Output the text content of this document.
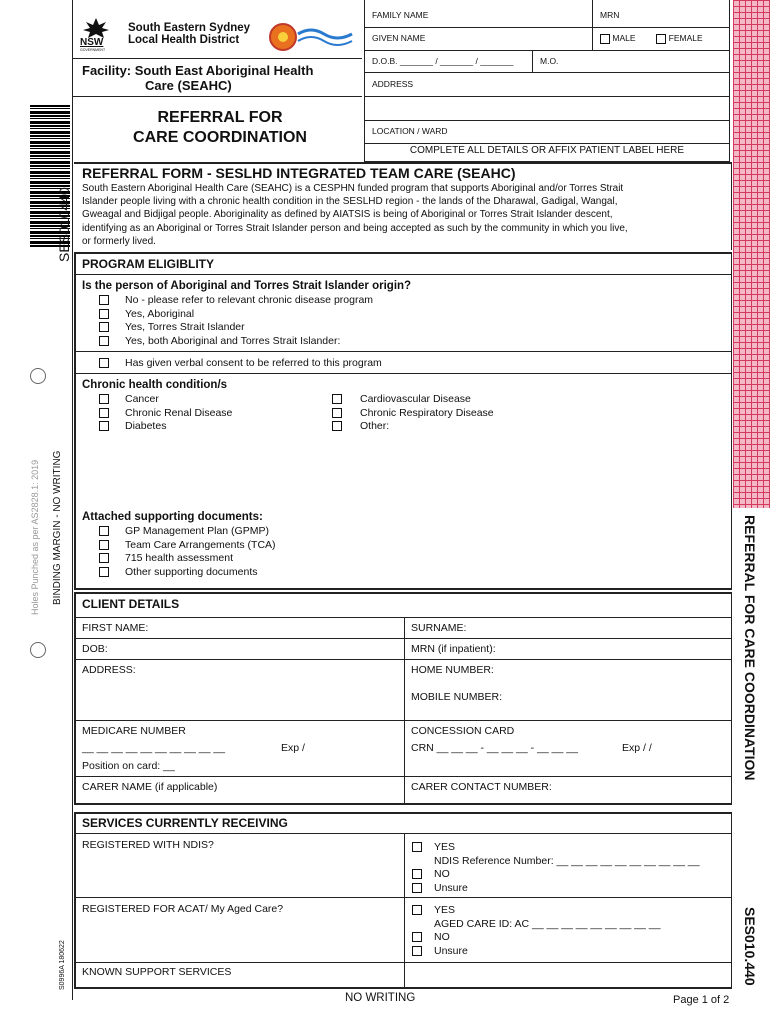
SES010440
Holes Punched as per AS2828.1: 2019 BINDING MARGIN - NO WRITING
S0996A 180622
REFERRAL FOR CARE COORDINATION
SES010.440
NSW
GOVERNMENT
South Eastern Sydney
Local Health District
Facility: South East Aboriginal Health
Care (SEAHC)
REFERRAL FOR
CARE COORDINATION
FAMILY NAME	MRN
GIVEN NAME	MALE	FEMALE
D.O.B. _______ / _______ / _______	M.O.
ADDRESS
LOCATION / WARD
COMPLETE ALL DETAILS OR AFFIX PATIENT LABEL HERE
REFERRAL FORM - SESLHD INTEGRATED TEAM CARE (SEAHC)
South Eastern Aboriginal Health Care (SEAHC) is a CESPHN funded program that supports Aboriginal and/or Torres Strait
Islander people living with a chronic health condition in the SESLHD region - the lands of the Dharawal, Gadigal, Wangal,
Gweagal and Bidjigal people. Aboriginality as defined by AIATSIS is being of Aboriginal or Torres Strait Islander descent,
identifying as an Aboriginal or Torres Strait Islander person and being accepted as such by the community in which you live,
or formerly lived.
PROGRAM ELIGIBLITY
Is the person of Aboriginal and Torres Strait Islander origin?
No - please refer to relevant chronic disease program
Yes, Aboriginal
Yes, Torres Strait Islander
Yes, both Aboriginal and Torres Strait Islander:
Has given verbal consent to be referred to this program
Chronic health condition/s
Cancer
Chronic Renal Disease
Diabetes
Cardiovascular Disease
Chronic Respiratory Disease
Other:
Attached supporting documents:
GP Management Plan (GPMP)
Team Care Arrangements (TCA)
715 health assessment
Other supporting documents
CLIENT DETAILS
FIRST NAME:	SURNAME:
DOB:	MRN (if inpatient):
ADDRESS:	HOME NUMBER:
MOBILE NUMBER:
MEDICARE NUMBER
__ __ __ __ __ __ __ __ __ __	Exp /
Position on card: __
CONCESSION CARD
CRN __ __ __ - __ __ __ - __ __ __	Exp / /
CARER NAME (if applicable)	CARER CONTACT NUMBER:
SERVICES CURRENTLY RECEIVING
REGISTERED WITH NDIS?	YES
NDIS Reference Number: __ __ __ __ __ __ __ __ __ __
NO
Unsure
REGISTERED FOR ACAT/ My Aged Care?	YES
AGED CARE ID: AC __ __ __ __ __ __ __ __ __
NO
Unsure
KNOWN SUPPORT SERVICES
NO WRITING	Page 1 of 2
